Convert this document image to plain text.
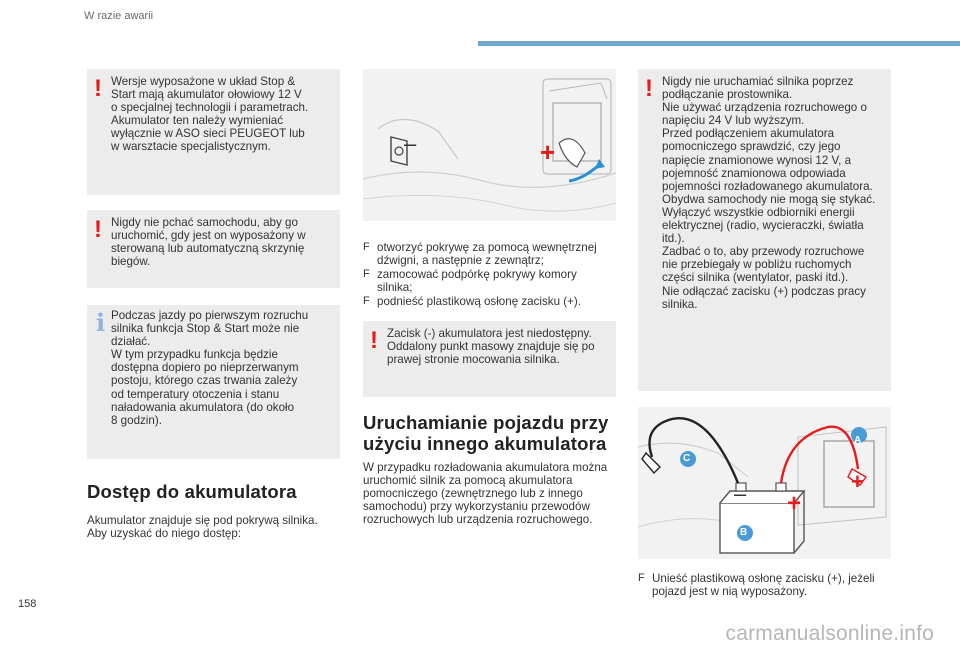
W razie awarii
! Wersje wyposażone w układ Stop &
Start mają akumulator ołowiowy 12 V
o specjalnej technologii i parametrach.
Akumulator ten należy wymieniać
wyłącznie w ASO sieci PEUGEOT lub
w warsztacie specjalistycznym.
! Nigdy nie pchać samochodu, aby go
uruchomić, gdy jest on wyposażony w
sterowaną lub automatyczną skrzynię
biegów.
i Podczas jazdy po pierwszym rozruchu
silnika funkcja Stop & Start może nie
działać.
W tym przypadku funkcja będzie
dostępna dopiero po nieprzerwanym
postoju, którego czas trwania zależy
od temperatury otoczenia i stanu
naładowania akumulatora (do około
8 godzin).
Dostęp do akumulatora
Akumulator znajduje się pod pokrywą silnika.
Aby uzyskać do niego dostęp:
–	+
F otworzyć pokrywę za pomocą wewnętrznej
dźwigni, a następnie z zewnątrz;
F zamocować podpórkę pokrywy komory
silnika;
F podnieść plastikową osłonę zacisku (+).
! Zacisk (-) akumulatora jest niedostępny.
Oddalony punkt masowy znajduje się po
prawej stronie mocowania silnika.
Uruchamianie pojazdu przy
użyciu innego akumulatora
W przypadku rozładowania akumulatora można
uruchomić silnik za pomocą akumulatora
pomocniczego (zewnętrznego lub z innego
samochodu) przy wykorzystaniu przewodów
rozruchowych lub urządzenia rozruchowego.
! Nigdy nie uruchamiać silnika poprzez
podłączanie prostownika.
Nie używać urządzenia rozruchowego o
napięciu 24 V lub wyższym.
Przed podłączeniem akumulatora
pomocniczego sprawdzić, czy jego
napięcie znamionowe wynosi 12 V, a
pojemność znamionowa odpowiada
pojemności rozładowanego akumulatora.
Obydwa samochody nie mogą się stykać.
Wyłączyć wszystkie odbiorniki energii
elektrycznej (radio, wycieraczki, światła
itd.).
Zadbać o to, aby przewody rozruchowe
nie przebiegały w pobliżu ruchomych
części silnika (wentylator, paski itd.).
Nie odłączać zacisku (+) podczas pracy
silnika.
A
B
C
– +
+
F Unieść plastikową osłonę zacisku (+), jeżeli
pojazd jest w nią wyposażony.
158
carmanualsonline.info
